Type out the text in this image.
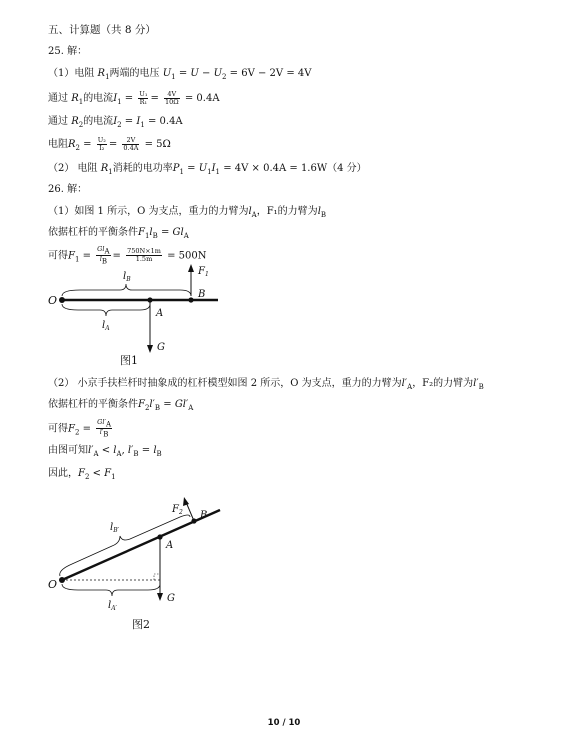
五、计算题（共 8 分）
25. 解：
（1）电阻 $R_1$两端的电压 $U_1 = U - U_2 = 6V - 2V = 4V$
通过 $R_1$的电流$I_1 = \frac{\text{U₁}}{\text{R₁}} = \frac{4V}{10\Omega} = 0.4A$
通过 $R_2$的电流$I_2 = I_1 = 0.4A$
电阻$R_2 = \frac{\text{U₂}}{\text{I₂}} = \frac{2V}{0.4A} = 5\Omega$
（2） 电阻 $R_1$消耗的电功率$P_1 = U_1I_1 = 4V \times 0.4A = 1.6W(4$ 分）
26. 解：
（1）如图 1 所示，O 为支点，重力的力臂为$l_A$，F₁的力臂为$l_B$
依据杠杆的平衡条件$F_1l_B = Gl_A$
可得$F_1$ =
$Gl_A$
$l_B$
= $\frac{750N\times 1m}{1.5m} = 500N$
O
A
B
G
$F_1$
$l_B$
$l_A$
图1
（2） 小京手扶栏杆时抽象成的杠杆模型如图 2 所示，O 为支点，重力的力臂为$l'_A$，F₂的力臂为$l'_B$
依据杠杆的平衡条件$F_2l'_B = Gl'_A$
可得$F_2 = \frac{Gl'_A}{l'_B}$
由图可知$l'_A < l_A$, $l'_B = l_B$
因此，$F_2 < F_1$
O
A
B
G
$F_2$
$l_{B'}$
$l_{A'}$
图2
10 / 10
